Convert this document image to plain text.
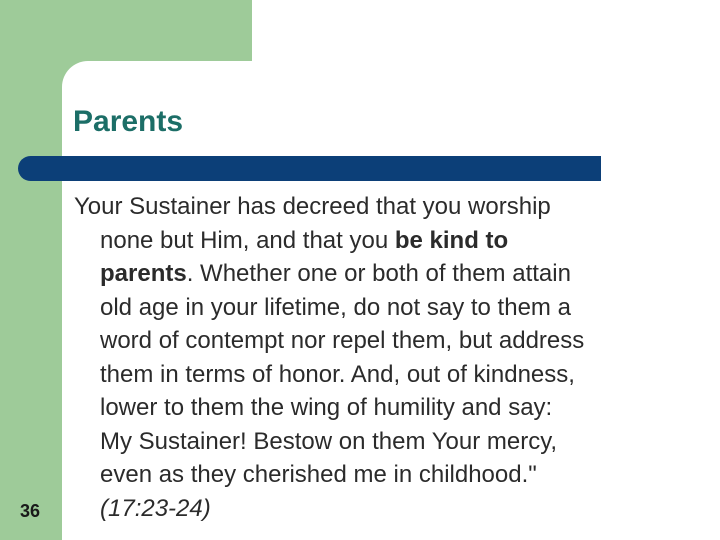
Parents
Your Sustainer has decreed that you worship
none but Him, and that you be kind to
parents. Whether one or both of them attain
old age in your lifetime, do not say to them a
word of contempt nor repel them, but address
them in terms of honor. And, out of kindness,
lower to them the wing of humility and say:
My Sustainer! Bestow on them Your mercy,
even as they cherished me in childhood."
(17:23-24)
36
